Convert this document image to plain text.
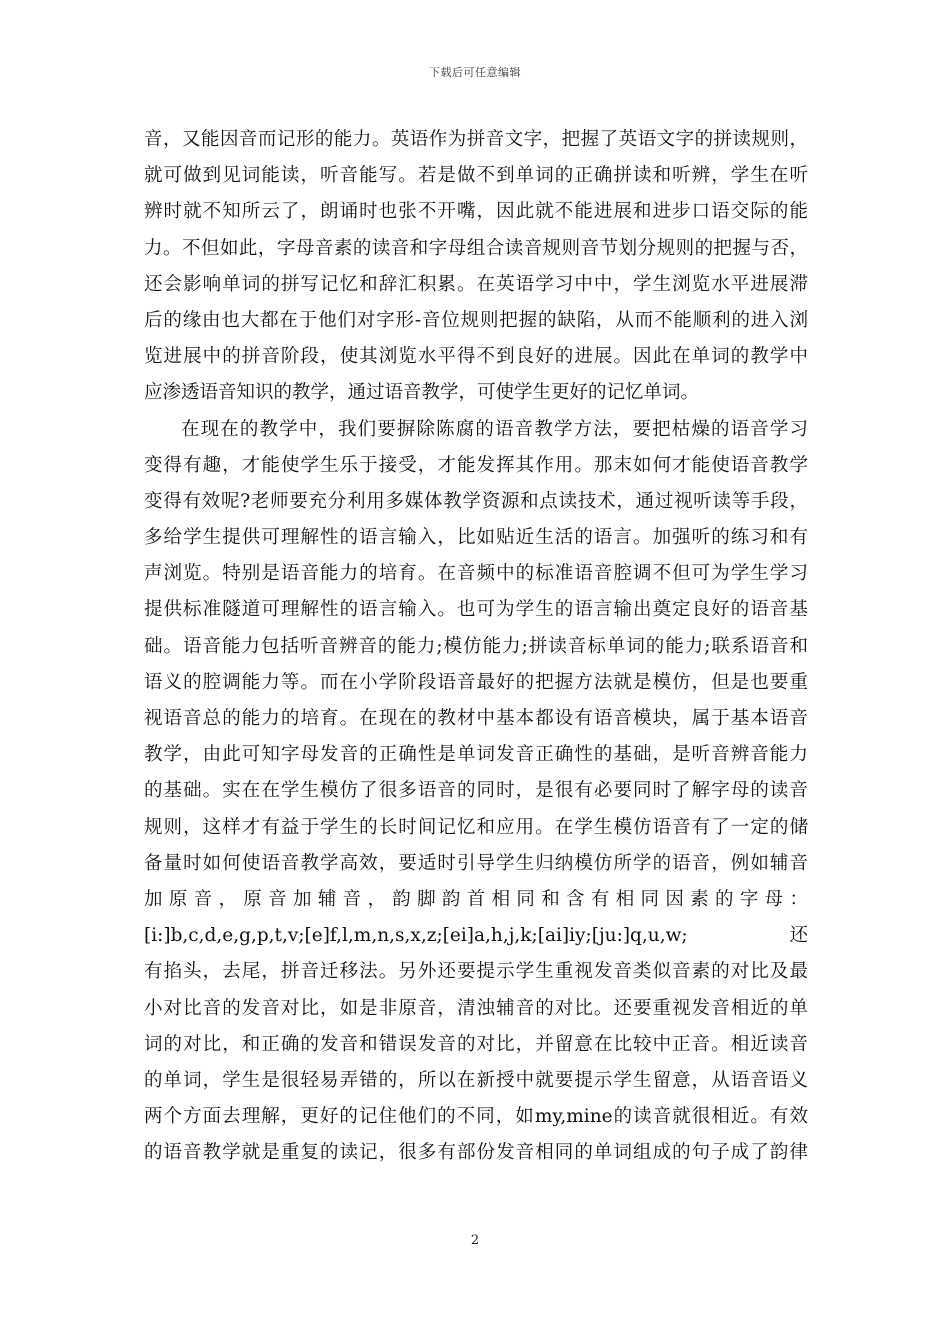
下载后可任意编辑
音，又能因音而记形的能力。英语作为拼音文字，把握了英语文字的拼读规则，
就可做到见词能读，听音能写。若是做不到单词的正确拼读和听辨，学生在听
辨时就不知所云了，朗诵时也张不开嘴，因此就不能进展和进步口语交际的能
力。不但如此，字母音素的读音和字母组合读音规则音节划分规则的把握与否，
还会影响单词的拼写记忆和辞汇积累。在英语学习中中，学生浏览水平进展滞
后的缘由也大都在于他们对字形-音位规则把握的缺陷，从而不能顺利的进入浏
览进展中的拼音阶段，使其浏览水平得不到良好的进展。因此在单词的教学中
应渗透语音知识的教学，通过语音教学，可使学生更好的记忆单词。
在现在的教学中，我们要摒除陈腐的语音教学方法，要把枯燥的语音学习
变得有趣，才能使学生乐于接受，才能发挥其作用。那末如何才能使语音教学
变得有效呢?老师要充分利用多媒体教学资源和点读技术，通过视听读等手段，
多给学生提供可理解性的语言输入，比如贴近生活的语言。加强听的练习和有
声浏览。特别是语音能力的培育。在音频中的标准语音腔调不但可为学生学习
提供标准隧道可理解性的语言输入。也可为学生的语言输出奠定良好的语音基
础。语音能力包括听音辨音的能力;模仿能力;拼读音标单词的能力;联系语音和
语义的腔调能力等。而在小学阶段语音最好的把握方法就是模仿，但是也要重
视语音总的能力的培育。在现在的教材中基本都设有语音模块，属于基本语音
教学，由此可知字母发音的正确性是单词发音正确性的基础，是听音辨音能力
的基础。实在在学生模仿了很多语音的同时，是很有必要同时了解字母的读音
规则，这样才有益于学生的长时间记忆和应用。在学生模仿语音有了一定的储
备量时如何使语音教学高效，要适时引导学生归纳模仿所学的语音，例如辅音
加原音，原音加辅音，韵脚韵首相同和含有相同因素的字母：
[i:]b,c,d,e,g,p,t,v;[e]f,l,m,n,s,x,z;[ei]a,h,j,k;[ai]iy;[ju:]q,u,w;还
有掐头，去尾，拼音迁移法。另外还要提示学生重视发音类似音素的对比及最
小对比音的发音对比，如是非原音，清浊辅音的对比。还要重视发音相近的单
词的对比，和正确的发音和错误发音的对比，并留意在比较中正音。相近读音
的单词，学生是很轻易弄错的，所以在新授中就要提示学生留意，从语音语义
两个方面去理解，更好的记住他们的不同，如my,mine的读音就很相近。有效
的语音教学就是重复的读记，很多有部份发音相同的单词组成的句子成了韵律
2
